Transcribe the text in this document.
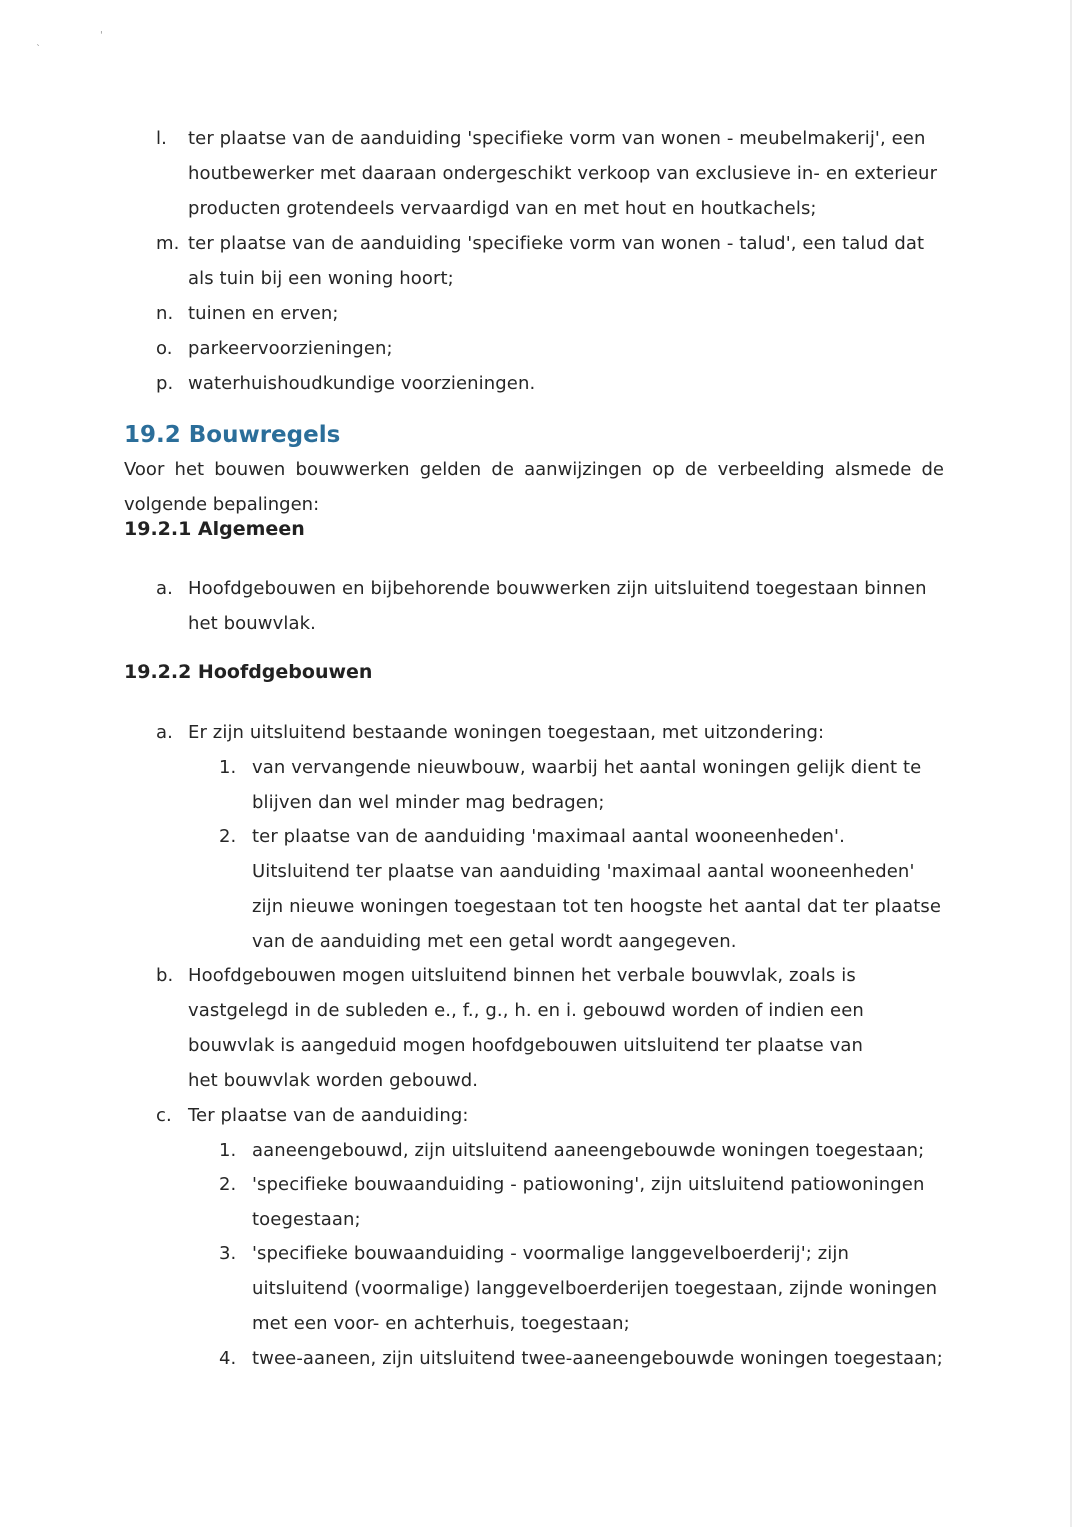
'
`
l. ter plaatse van de aanduiding 'specifieke vorm van wonen - meubelmakerij', een houtbewerker met daaraan ondergeschikt verkoop van exclusieve in- en exterieur producten grotendeels vervaardigd van en met hout en houtkachels;
m. ter plaatse van de aanduiding 'specifieke vorm van wonen - talud', een talud dat als tuin bij een woning hoort;
n. tuinen en erven;
o. parkeervoorzieningen;
p. waterhuishoudkundige voorzieningen.
19.2 Bouwregels
Voor het bouwen bouwwerken gelden de aanwijzingen op de verbeelding alsmede de volgende bepalingen:
19.2.1 Algemeen
a. Hoofdgebouwen en bijbehorende bouwwerken zijn uitsluitend toegestaan binnen het bouwvlak.
19.2.2 Hoofdgebouwen
a. Er zijn uitsluitend bestaande woningen toegestaan, met uitzondering:
1. van vervangende nieuwbouw, waarbij het aantal woningen gelijk dient te blijven dan wel minder mag bedragen;
2. ter plaatse van de aanduiding 'maximaal aantal wooneenheden'. Uitsluitend ter plaatse van aanduiding 'maximaal aantal wooneenheden' zijn nieuwe woningen toegestaan tot ten hoogste het aantal dat ter plaatse van de aanduiding met een getal wordt aangegeven.
b. Hoofdgebouwen mogen uitsluitend binnen het verbale bouwvlak, zoals is vastgelegd in de subleden e., f., g., h. en i. gebouwd worden of indien een bouwvlak is aangeduid mogen hoofdgebouwen uitsluitend ter plaatse van het bouwvlak worden gebouwd.
c. Ter plaatse van de aanduiding:
1. aaneengebouwd, zijn uitsluitend aaneengebouwde woningen toegestaan;
2. 'specifieke bouwaanduiding - patiowoning', zijn uitsluitend patiowoningen toegestaan;
3. 'specifieke bouwaanduiding - voormalige langgevelboerderij'; zijn uitsluitend (voormalige) langgevelboerderijen toegestaan, zijnde woningen met een voor- en achterhuis, toegestaan;
4. twee-aaneen, zijn uitsluitend twee-aaneengebouwde woningen toegestaan;
